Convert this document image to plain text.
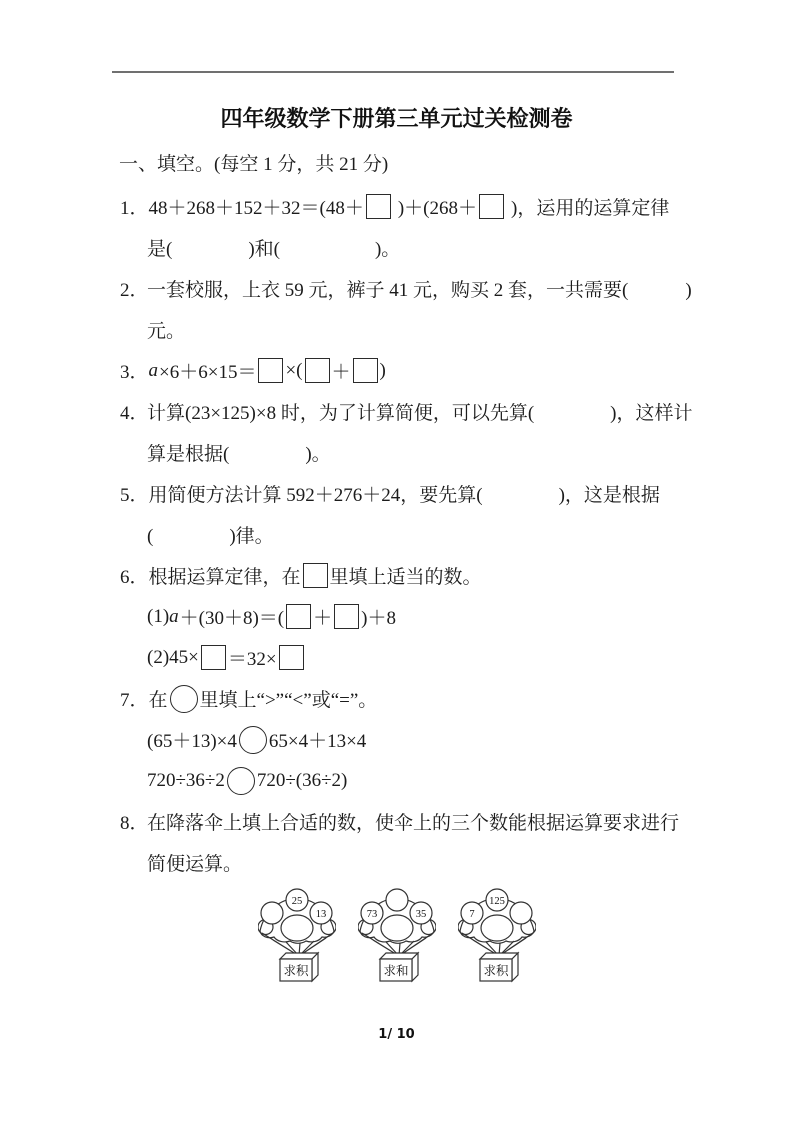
四年级数学下册第三单元过关检测卷
一、填空。(每空 1 分，共 21 分)
1． 48＋268＋152＋32＝(48＋ )＋(268＋ )，运用的运算定律
是(　　　　)和(　　　　　)。
2．
一套校服，上衣 59 元，裤子 41 元，购买 2 套，一共需要(　　　)
元。
3． a ×6＋6×15＝ ×( ＋ )
4．
计算(23×125)×8 时，为了计算简便，可以先算(　　　　)，这样计
算是根据(　　　　)。
5． 用简便方法计算 592＋276＋24，要先算(　　　　)，这是根据
(　　　　)律。
6． 根据运算定律，在 里填上适当的数。
(1) a ＋(30＋8)＝( ＋ )＋8
(2)45× ＝32×
7． 在 里填上“>”“<”或“=”。
(65＋13)×4 65×4＋13×4
720÷36÷2 720÷(36÷2)
8．
在降落伞上填上合适的数，使伞上的三个数能根据运算要求进行
简便运算。
25
13
求积
73	35
求和
7
125
求积
1/ 10
